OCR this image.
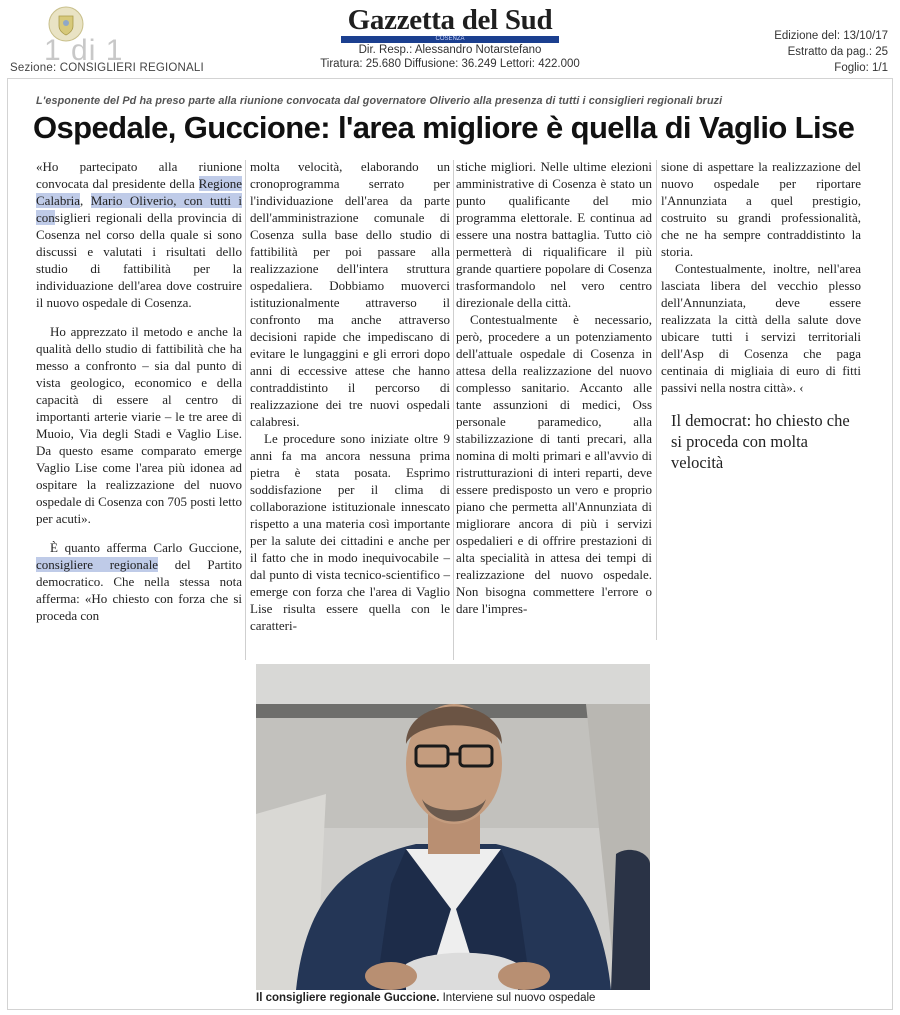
1 di 1
Sezione: CONSIGLIERI REGIONALI
Gazzetta del Sud
COSENZA
Dir. Resp.: Alessandro Notarstefano
Tiratura: 25.680 Diffusione: 36.249 Lettori: 422.000
Edizione del: 13/10/17
Estratto da pag.: 25
Foglio: 1/1
L'esponente del Pd ha preso parte alla riunione convocata dal governatore Oliverio alla presenza di tutti i consiglieri regionali bruzi
Ospedale, Guccione: l'area migliore è quella di Vaglio Lise

«Ho partecipato alla riunione convocata dal presidente della Regione Calabria, Mario Oliverio, con tutti i consiglieri regionali della provincia di Cosenza nel corso della quale si sono discussi e valutati i risultati dello studio di fattibilità per la individuazione dell'area dove costruire il nuovo ospedale di Cosenza.

Ho apprezzato il metodo e anche la qualità dello studio di fattibilità che ha messo a confronto – sia dal punto di vista geologico, economico e della capacità di essere al centro di importanti arterie viarie – le tre aree di Muoio, Via degli Stadi e Vaglio Lise. Da questo esame comparato emerge Vaglio Lise come l'area più idonea ad ospitare la realizzazione del nuovo ospedale di Cosenza con 705 posti letto per acuti».

È quanto afferma Carlo Guccione, consigliere regionale del Partito democratico. Che nella stessa nota afferma: «Ho chiesto con forza che si proceda con

molta velocità, elaborando un cronoprogramma serrato per l'individuazione dell'area da parte dell'amministrazione comunale di Cosenza sulla base dello studio di fattibilità per poi passare alla realizzazione dell'intera struttura ospedaliera. Dobbiamo muoverci istituzionalmente attraverso il confronto ma anche attraverso decisioni rapide che impediscano di evitare le lungaggini e gli errori dopo anni di eccessive attese che hanno contraddistinto il percorso di realizzazione dei tre nuovi ospedali calabresi.

Le procedure sono iniziate oltre 9 anni fa ma ancora nessuna prima pietra è stata posata. Esprimo soddisfazione per il clima di collaborazione istituzionale innescato rispetto a una materia così importante per la salute dei cittadini e anche per il fatto che in modo inequivocabile – dal punto di vista tecnico-scientifico – emerge con forza che l'area di Vaglio Lise risulta essere quella con le caratteri-

stiche migliori. Nelle ultime elezioni amministrative di Cosenza è stato un punto qualificante del mio programma elettorale. E continua ad essere una nostra battaglia. Tutto ciò permetterà di riqualificare il più grande quartiere popolare di Cosenza trasformandolo nel vero centro direzionale della città.

Contestualmente è necessario, però, procedere a un potenziamento dell'attuale ospedale di Cosenza in attesa della realizzazione del nuovo complesso sanitario. Accanto alle tante assunzioni di medici, Oss personale paramedico, alla stabilizzazione di tanti precari, alla nomina di molti primari e all'avvio di ristrutturazioni di interi reparti, deve essere predisposto un vero e proprio piano che permetta all'Annunziata di migliorare ancora di più i servizi ospedalieri e di offrire prestazioni di alta specialità in attesa dei tempi di realizzazione del nuovo ospedale. Non bisogna commettere l'errore o dare l'impres-

sione di aspettare la realizzazione del nuovo ospedale per riportare l'Annunziata a quel prestigio, costruito su grandi professionalità, che ne ha sempre contraddistinto la storia.

Contestualmente, inoltre, nell'area lasciata libera del vecchio plesso dell'Annunziata, deve essere realizzata la città della salute dove ubicare tutti i servizi territoriali dell'Asp di Cosenza che paga centinaia di migliaia di euro di fitti passivi nella nostra città». ‹

Il democrat: ho chiesto che si proceda con molta velocità
Il consigliere regionale Guccione. Interviene sul nuovo ospedale
